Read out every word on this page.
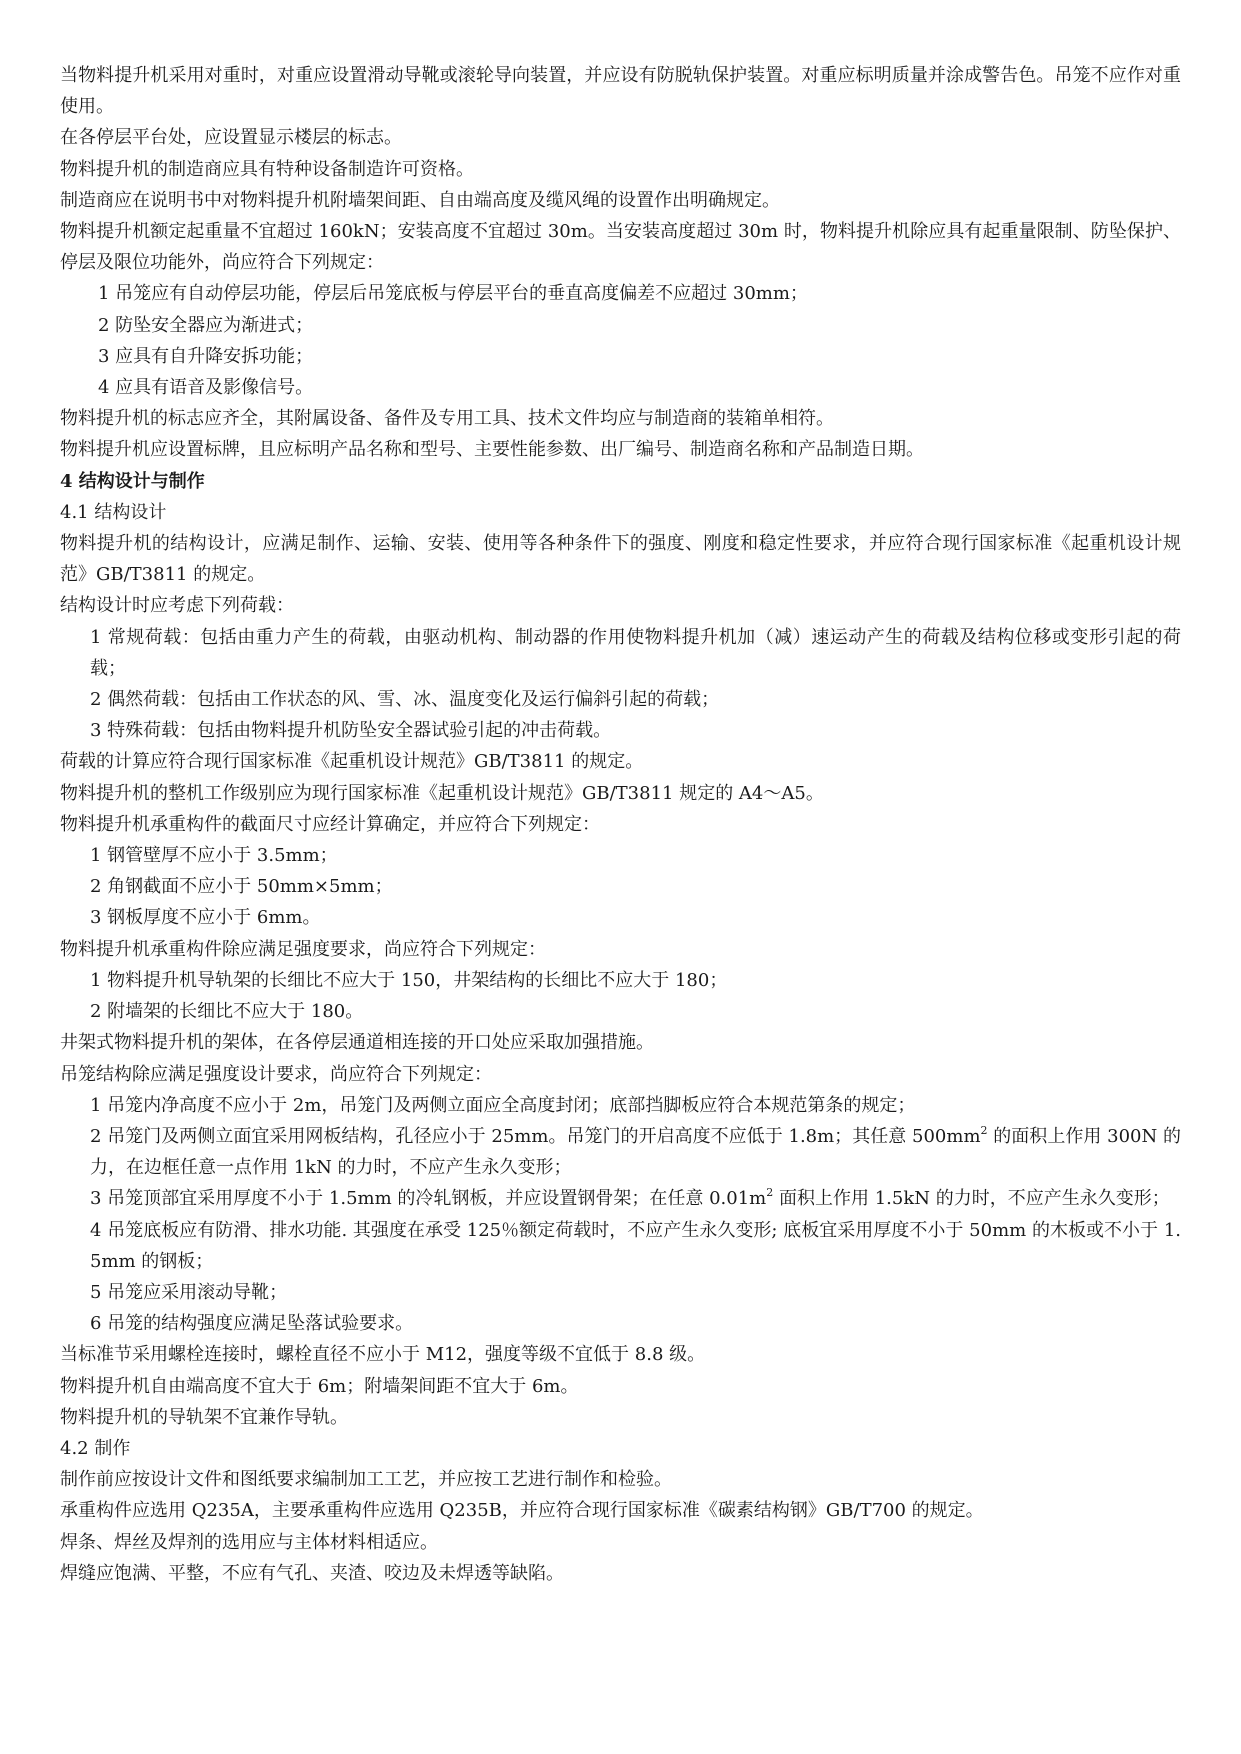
当物料提升机采用对重时，对重应设置滑动导靴或滚轮导向装置，并应设有防脱轨保护装置。对重应标明质量并涂成警告色。吊笼不应作对重使用。

在各停层平台处，应设置显示楼层的标志。

物料提升机的制造商应具有特种设备制造许可资格。

制造商应在说明书中对物料提升机附墙架间距、自由端高度及缆风绳的设置作出明确规定。

物料提升机额定起重量不宜超过 160kN；安装高度不宜超过 30m。当安装高度超过 30m 时，物料提升机除应具有起重量限制、防坠保护、停层及限位功能外，尚应符合下列规定：

1 吊笼应有自动停层功能，停层后吊笼底板与停层平台的垂直高度偏差不应超过 30mm；

2 防坠安全器应为渐进式；

3 应具有自升降安拆功能；

4 应具有语音及影像信号。

物料提升机的标志应齐全，其附属设备、备件及专用工具、技术文件均应与制造商的装箱单相符。

物料提升机应设置标牌，且应标明产品名称和型号、主要性能参数、出厂编号、制造商名称和产品制造日期。

4 结构设计与制作

4.1 结构设计

物料提升机的结构设计，应满足制作、运输、安装、使用等各种条件下的强度、刚度和稳定性要求，并应符合现行国家标准《起重机设计规范》GB/T3811 的规定。

结构设计时应考虑下列荷载：

1 常规荷载：包括由重力产生的荷载，由驱动机构、制动器的作用使物料提升机加（减）速运动产生的荷载及结构位移或变形引起的荷载；

2 偶然荷载：包括由工作状态的风、雪、冰、温度变化及运行偏斜引起的荷载；

3 特殊荷载：包括由物料提升机防坠安全器试验引起的冲击荷载。

荷载的计算应符合现行国家标准《起重机设计规范》GB/T3811 的规定。

物料提升机的整机工作级别应为现行国家标准《起重机设计规范》GB/T3811 规定的 A4～A5。

物料提升机承重构件的截面尺寸应经计算确定，并应符合下列规定：

1 钢管壁厚不应小于 3.5mm；

2 角钢截面不应小于 50mm×5mm；

3 钢板厚度不应小于 6mm。

物料提升机承重构件除应满足强度要求，尚应符合下列规定：

1 物料提升机导轨架的长细比不应大于 150，井架结构的长细比不应大于 180；

2 附墙架的长细比不应大于 180。

井架式物料提升机的架体，在各停层通道相连接的开口处应采取加强措施。

吊笼结构除应满足强度设计要求，尚应符合下列规定：

1 吊笼内净高度不应小于 2m，吊笼门及两侧立面应全高度封闭；底部挡脚板应符合本规范第条的规定；

2 吊笼门及两侧立面宜采用网板结构，孔径应小于 25mm。吊笼门的开启高度不应低于 1.8m；其任意 $500mm^2$ 的面积上作用 300N 的力，在边框任意一点作用 1kN 的力时，不应产生永久变形；

3 吊笼顶部宜采用厚度不小于 1.5mm 的冷轧钢板，并应设置钢骨架；在任意 $0.01m^2$ 面积上作用 1.5kN 的力时，不应产生永久变形；

4 吊笼底板应有防滑、排水功能. 其强度在承受 125％额定荷载时，不应产生永久变形; 底板宜采用厚度不小于 50mm 的木板或不小于 1.5mm 的钢板；

5 吊笼应采用滚动导靴；

6 吊笼的结构强度应满足坠落试验要求。

当标准节采用螺栓连接时，螺栓直径不应小于 M12，强度等级不宜低于 8.8 级。

物料提升机自由端高度不宜大于 6m；附墙架间距不宜大于 6m。

物料提升机的导轨架不宜兼作导轨。

4.2 制作

制作前应按设计文件和图纸要求编制加工工艺，并应按工艺进行制作和检验。

承重构件应选用 Q235A，主要承重构件应选用 Q235B，并应符合现行国家标准《碳素结构钢》GB/T700 的规定。

焊条、焊丝及焊剂的选用应与主体材料相适应。

焊缝应饱满、平整，不应有气孔、夹渣、咬边及未焊透等缺陷。
